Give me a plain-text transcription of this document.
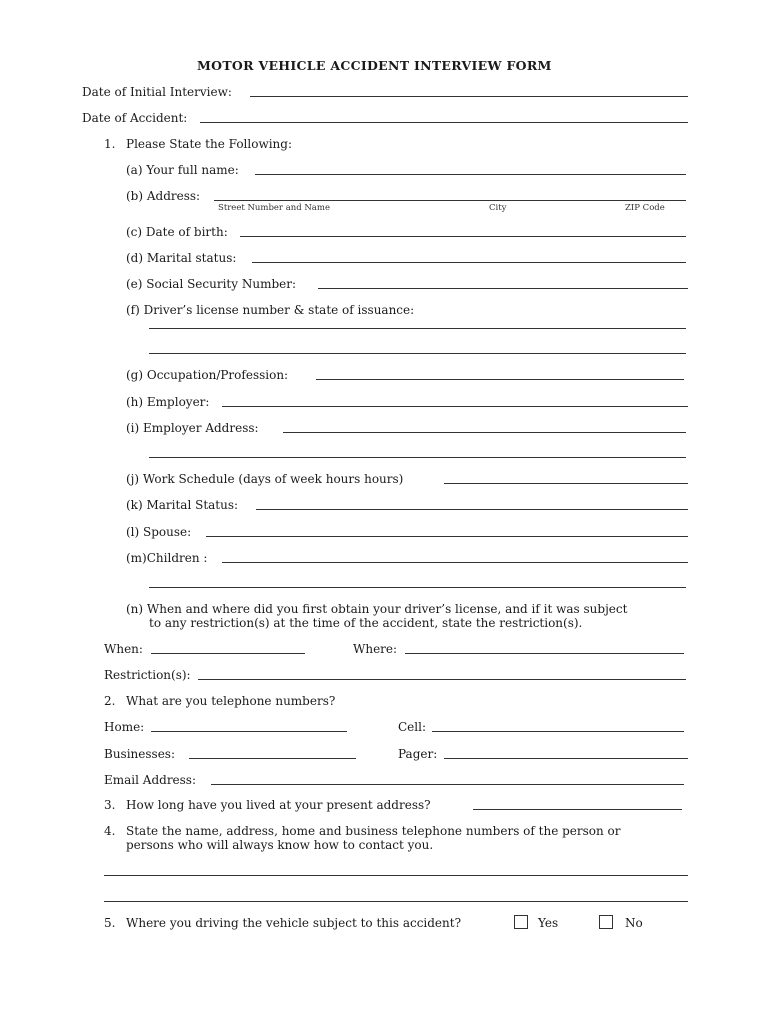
MOTOR VEHICLE ACCIDENT INTERVIEW FORM
Date of Initial Interview:
Date of Accident:
1. Please State the Following:
(a) Your full name:
(b) Address:
Street Number and Name	City	ZIP Code
(c) Date of birth:
(d) Marital status:
(e) Social Security Number:
(f) Driver’s license number & state of issuance:
(g) Occupation/Profession:
(h) Employer:
(i) Employer Address:
(j) Work Schedule (days of week hours hours)
(k) Marital Status:
(l) Spouse:
(m)Children :
(n) When and where did you first obtain your driver’s license, and if it was subject
to any restriction(s) at the time of the accident, state the restriction(s).
When:	Where:
Restriction(s):
2. What are you telephone numbers?
Home:	Cell:
Businesses:	Pager:
Email Address:
3. How long have you lived at your present address?
4. State the name, address, home and business telephone numbers of the person or
persons who will always know how to contact you.
5. Where you driving the vehicle subject to this accident?	Yes	No
